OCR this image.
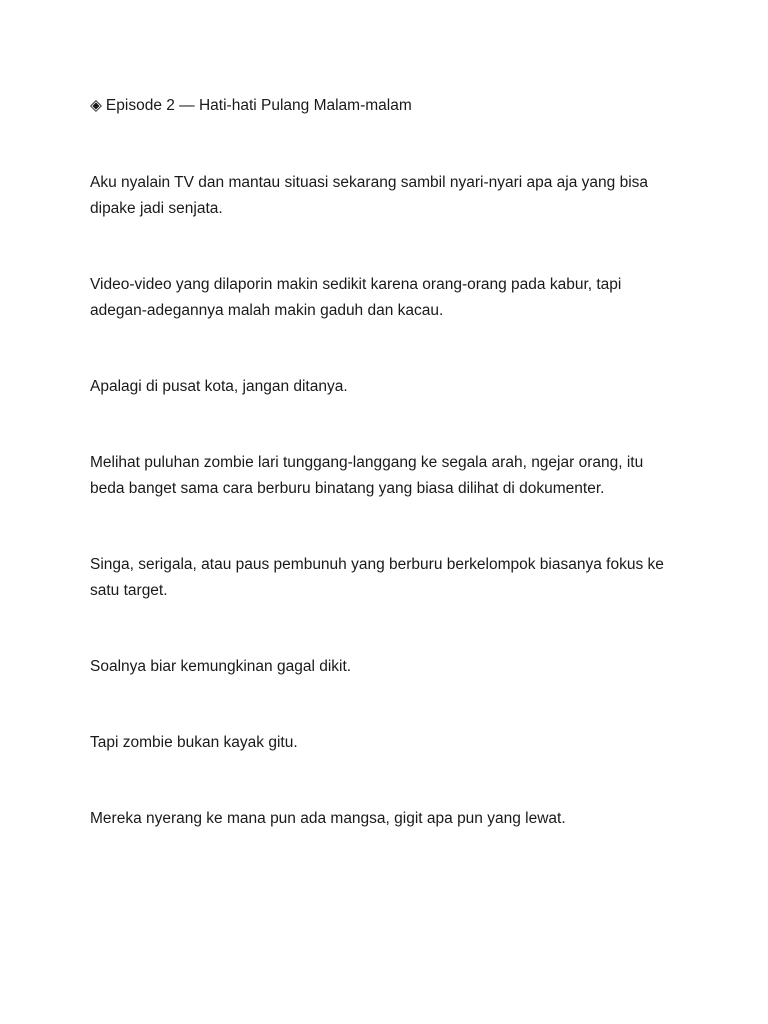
◈ Episode 2 — Hati-hati Pulang Malam-malam

Aku nyalain TV dan mantau situasi sekarang sambil nyari-nyari apa aja yang bisa dipake jadi senjata.

Video-video yang dilaporin makin sedikit karena orang-orang pada kabur, tapi adegan-adegannya malah makin gaduh dan kacau.

Apalagi di pusat kota, jangan ditanya.

Melihat puluhan zombie lari tunggang-langgang ke segala arah, ngejar orang, itu beda banget sama cara berburu binatang yang biasa dilihat di dokumenter.

Singa, serigala, atau paus pembunuh yang berburu berkelompok biasanya fokus ke satu target.

Soalnya biar kemungkinan gagal dikit.

Tapi zombie bukan kayak gitu.

Mereka nyerang ke mana pun ada mangsa, gigit apa pun yang lewat.
